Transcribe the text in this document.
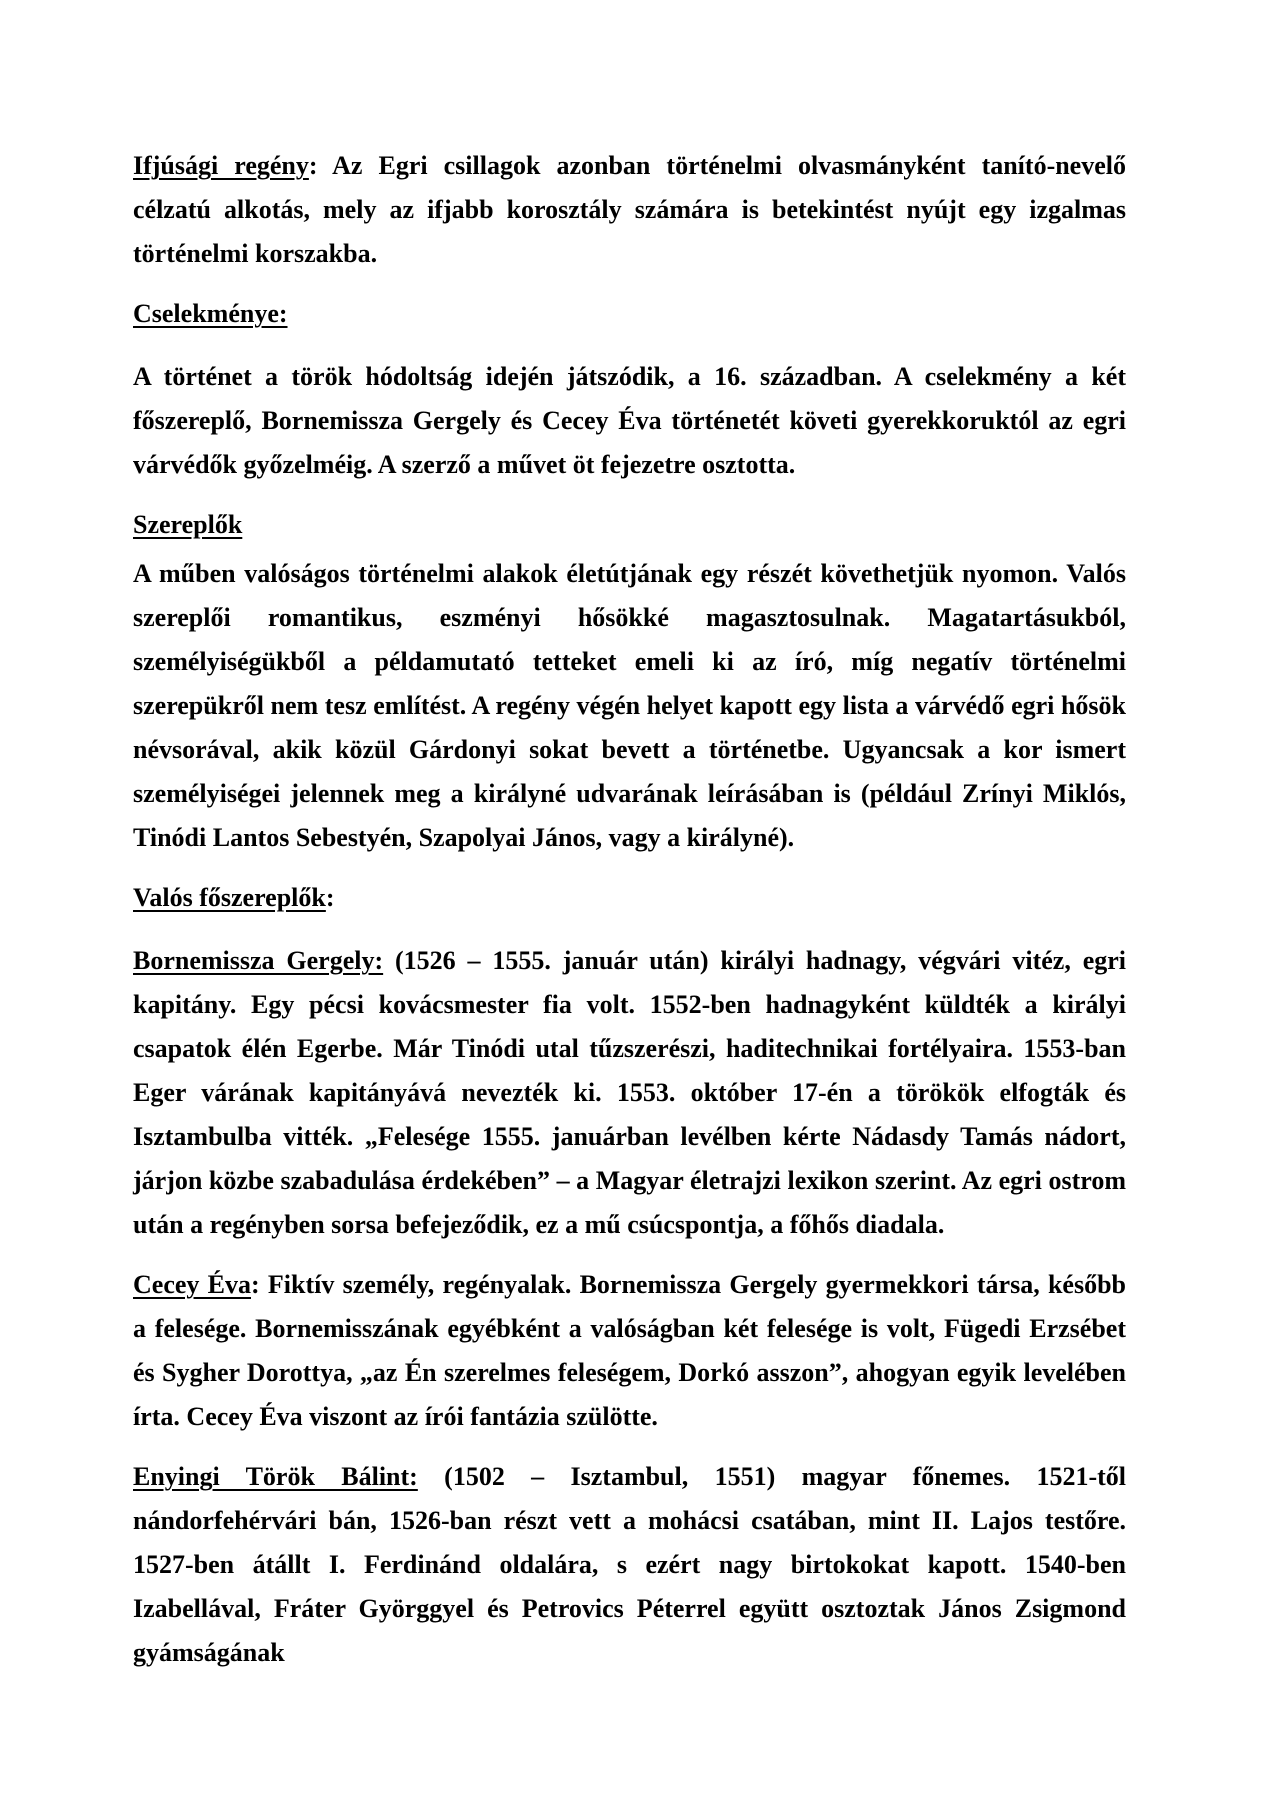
Ifjúsági regény: Az Egri csillagok azonban történelmi olvasmányként tanító-nevelő célzatú alkotás, mely az ifjabb korosztály számára is betekintést nyújt egy izgalmas történelmi korszakba.

Cselekménye:

A történet a török hódoltság idején játszódik, a 16. században. A cselekmény a két főszereplő, Bornemissza Gergely és Cecey Éva történetét követi gyerekkoruktól az egri várvédők győzelméig. A szerző a művet öt fejezetre osztotta.

Szereplők

A műben valóságos történelmi alakok életútjának egy részét követhetjük nyomon. Valós szereplői romantikus, eszményi hősökké magasztosulnak. Magatartásukból, személyiségükből a példamutató tetteket emeli ki az író, míg negatív történelmi szerepükről nem tesz említést. A regény végén helyet kapott egy lista a várvédő egri hősök névsorával, akik közül Gárdonyi sokat bevett a történetbe. Ugyancsak a kor ismert személyiségei jelennek meg a királyné udvarának leírásában is (például Zrínyi Miklós, Tinódi Lantos Sebestyén, Szapolyai János, vagy a királyné).

Valós főszereplők:

Bornemissza Gergely: (1526 – 1555. január után) királyi hadnagy, végvári vitéz, egri kapitány. Egy pécsi kovácsmester fia volt. 1552-ben hadnagyként küldték a királyi csapatok élén Egerbe. Már Tinódi utal tűzszerészi, haditechnikai fortélyaira. 1553-ban Eger várának kapitányává nevezték ki. 1553. október 17-én a törökök elfogták és Isztambulba vitték. „Felesége 1555. januárban levélben kérte Nádasdy Tamás nádort, járjon közbe szabadulása érdekében” – a Magyar életrajzi lexikon szerint. Az egri ostrom után a regényben sorsa befejeződik, ez a mű csúcspontja, a főhős diadala.

Cecey Éva: Fiktív személy, regényalak. Bornemissza Gergely gyermekkori társa, később a felesége. Bornemisszának egyébként a valóságban két felesége is volt, Fügedi Erzsébet és Sygher Dorottya, „az Én szerelmes feleségem, Dorkó asszon”, ahogyan egyik levelében írta. Cecey Éva viszont az írói fantázia szülötte.

Enyingi Török Bálint: (1502 – Isztambul, 1551) magyar főnemes. 1521-től nándorfehérvári bán, 1526-ban részt vett a mohácsi csatában, mint II. Lajos testőre. 1527-ben átállt I. Ferdinánd oldalára, s ezért nagy birtokokat kapott. 1540-ben Izabellával, Fráter Györggyel és Petrovics Péterrel együtt osztoztak János Zsigmond gyámságának
